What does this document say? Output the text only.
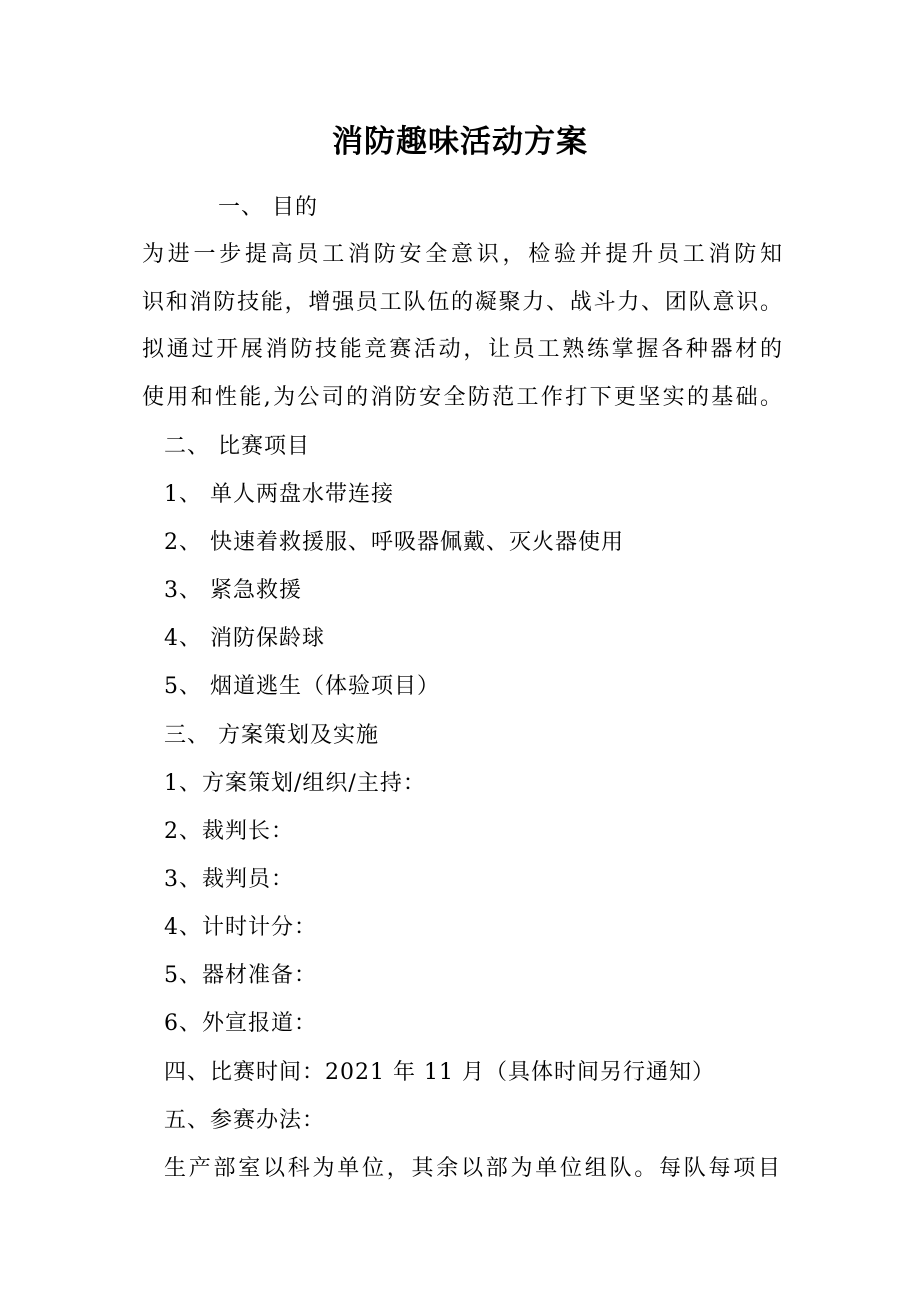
消防趣味活动方案
一、 目的
为进一步提高员工消防安全意识，检验并提升员工消防知
识和消防技能，增强员工队伍的凝聚力、战斗力、团队意识。
拟通过开展消防技能竞赛活动，让员工熟练掌握各种器材的
使用和性能,为公司的消防安全防范工作打下更坚实的基础。
二、 比赛项目
1、 单人两盘水带连接
2、 快速着救援服、呼吸器佩戴、灭火器使用
3、 紧急救援
4、 消防保龄球
5、 烟道逃生（体验项目）
三、 方案策划及实施
1、方案策划/组织/主持：
2、裁判长：
3、裁判员：
4、计时计分：
5、器材准备：
6、外宣报道：
四、比赛时间：2021 年 11 月（具体时间另行通知）
五、参赛办法：
生产部室以科为单位，其余以部为单位组队。每队每项目
